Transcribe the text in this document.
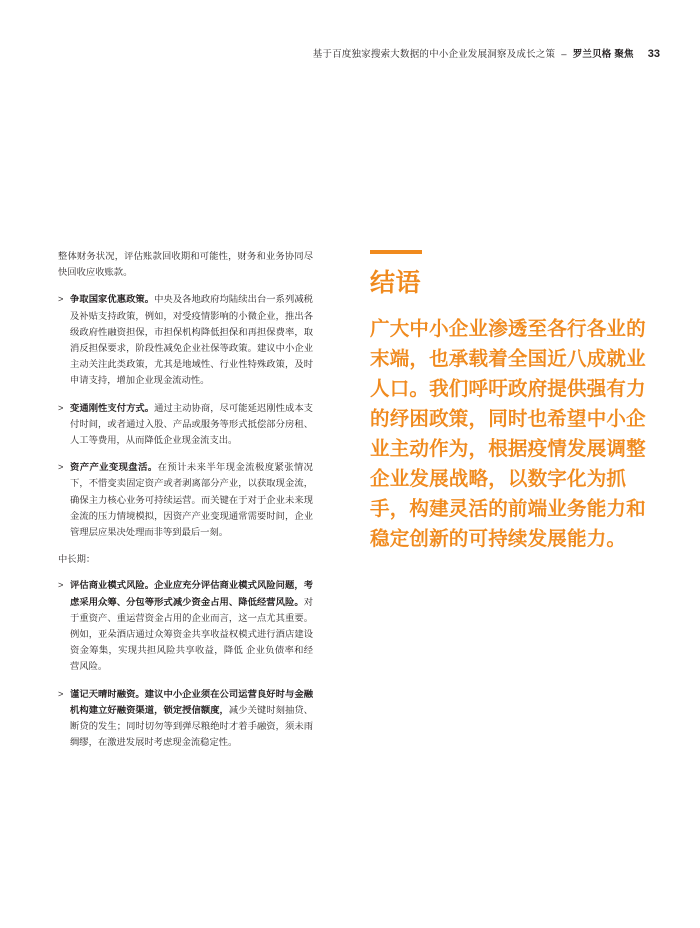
基于百度独家搜索大数据的中小企业发展洞察及成长之策 – 罗兰贝格 聚焦 33

整体财务状况，评估账款回收期和可能性，财务和业务协同尽快回收应收账款。

> 争取国家优惠政策。中央及各地政府均陆续出台一系列减税及补贴支持政策，例如，对受疫情影响的小微企业，推出各级政府性融资担保，市担保机构降低担保和再担保费率，取消反担保要求，阶段性减免企业社保等政策。建议中小企业主动关注此类政策，尤其是地域性、行业性特殊政策，及时申请支持，增加企业现金流动性。
> 变通刚性支付方式。通过主动协商，尽可能延迟刚性成本支付时间，或者通过入股、产品或服务等形式抵偿部分房租、人工等费用，从而降低企业现金流支出。
> 资产产业变现盘活。在预计未来半年现金流极度紧张情况下，不惜变卖固定资产或者剥离部分产业，以获取现金流，确保主力核心业务可持续运营。而关键在于对于企业未来现金流的压力情境模拟，因资产产业变现通常需要时间，企业管理层应果决处理而非等到最后一刻。

中长期：

> 评估商业模式风险。企业应充分评估商业模式风险问题，考虑采用众筹、分包等形式减少资金占用、降低经营风险。对于重资产、重运营资金占用的企业而言，这一点尤其重要。例如，亚朵酒店通过众筹资金共享收益权模式进行酒店建设资金筹集，实现共担风险共享收益，降低 企业负债率和经营风险。
> 谨记天晴时融资。建议中小企业须在公司运营良好时与金融机构建立好融资渠道，锁定授信额度，减少关键时刻抽贷、断贷的发生；同时切勿等到弹尽粮绝时才着手融资，须未雨绸缪，在激进发展时考虑现金流稳定性。
结语

广大中小企业渗透至各行各业的末端，也承载着全国近八成就业人口。我们呼吁政府提供强有力的纾困政策，同时也希望中小企业主动作为，根据疫情发展调整企业发展战略，以数字化为抓手，构建灵活的前端业务能力和稳定创新的可持续发展能力。
